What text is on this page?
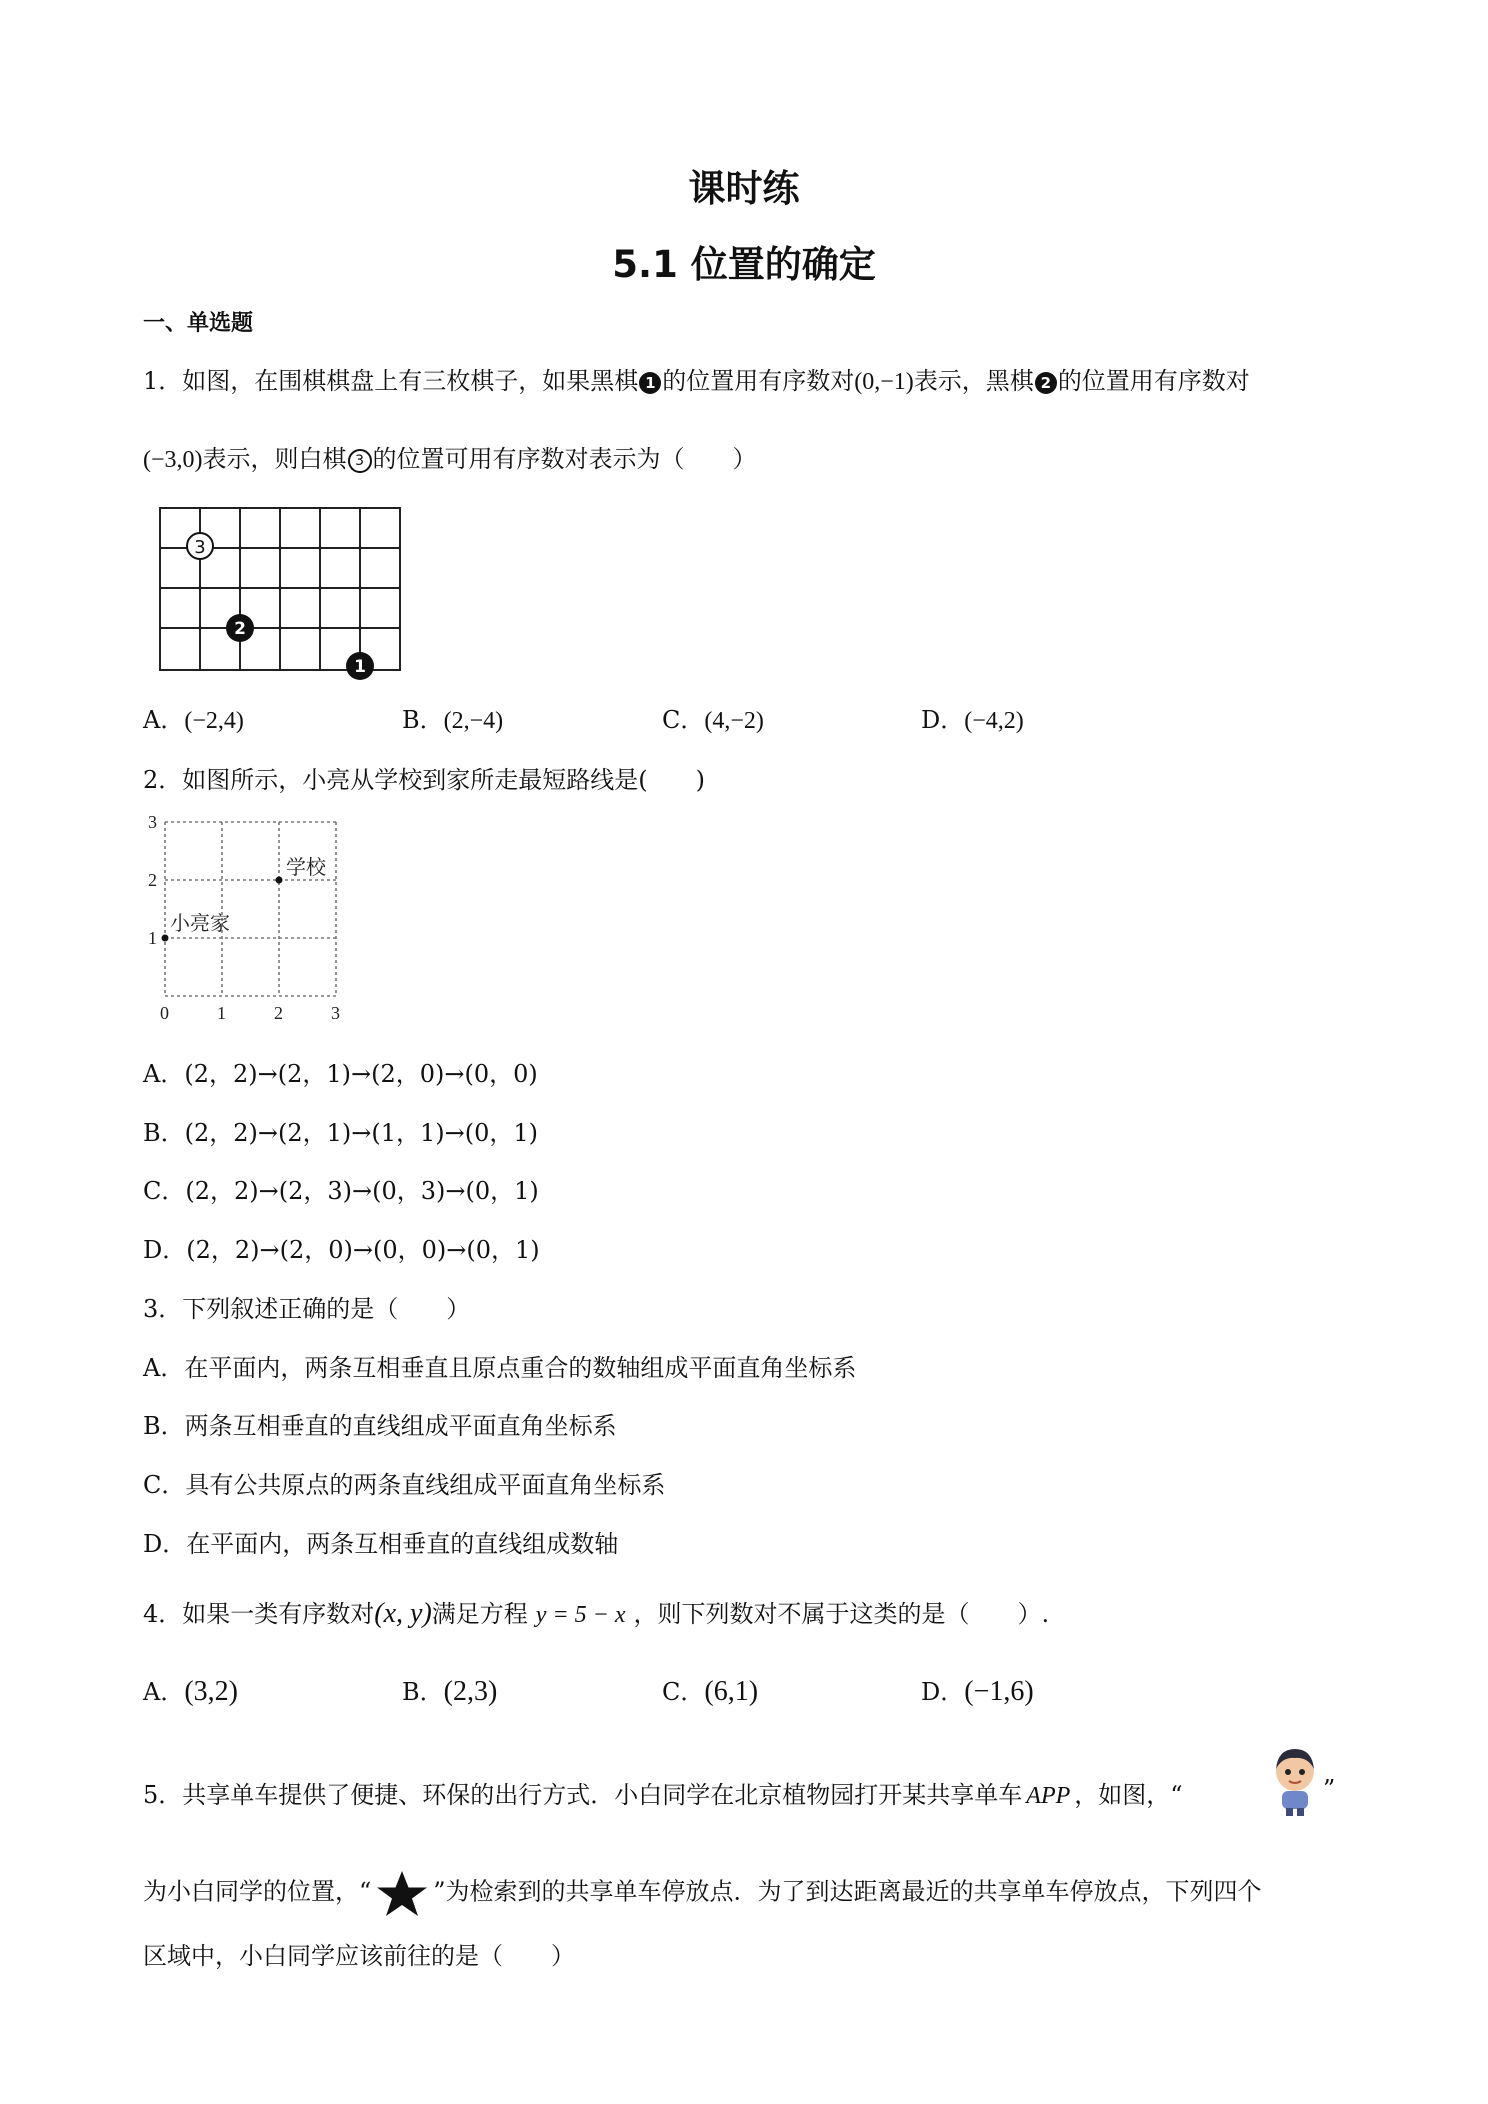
课时练
5.1 位置的确定
一、单选题
1．如图，在围棋棋盘上有三枚棋子，如果黑棋 1 的位置用有序数对(0,−1)表示，黑棋 2 的位置用有序数对
(−3,0)表示，则白棋 3 的位置可用有序数对表示为（　　）
3
2
1
A．(−2,4)	B．(2,−4)	C．(4,−2)	D．(−4,2)
2．如图所示，小亮从学校到家所走最短路线是(　　)
3
2
1
0	1	2	3
学校
小亮家
A．(2，2)→(2，1)→(2，0)→(0，0)
B．(2，2)→(2，1)→(1，1)→(0，1)
C．(2，2)→(2，3)→(0，3)→(0，1)
D．(2，2)→(2，0)→(0，0)→(0，1)
3．下列叙述正确的是（　　）
A．在平面内，两条互相垂直且原点重合的数轴组成平面直角坐标系
B．两条互相垂直的直线组成平面直角坐标系
C．具有公共原点的两条直线组成平面直角坐标系
D．在平面内，两条互相垂直的直线组成数轴
4．如果一类有序数对(x, y)满足方程 y = 5 − x ，则下列数对不属于这类的是（　　）.
A．(3,2)	B．(2,3)	C．(6,1)	D．(−1,6)
5．共享单车提供了便捷、环保的出行方式．小白同学在北京植物园打开某共享单车 APP ，如图，“	”
为小白同学的位置，“	”为检索到的共享单车停放点．为了到达距离最近的共享单车停放点，下列四个
区域中，小白同学应该前往的是（　　）
